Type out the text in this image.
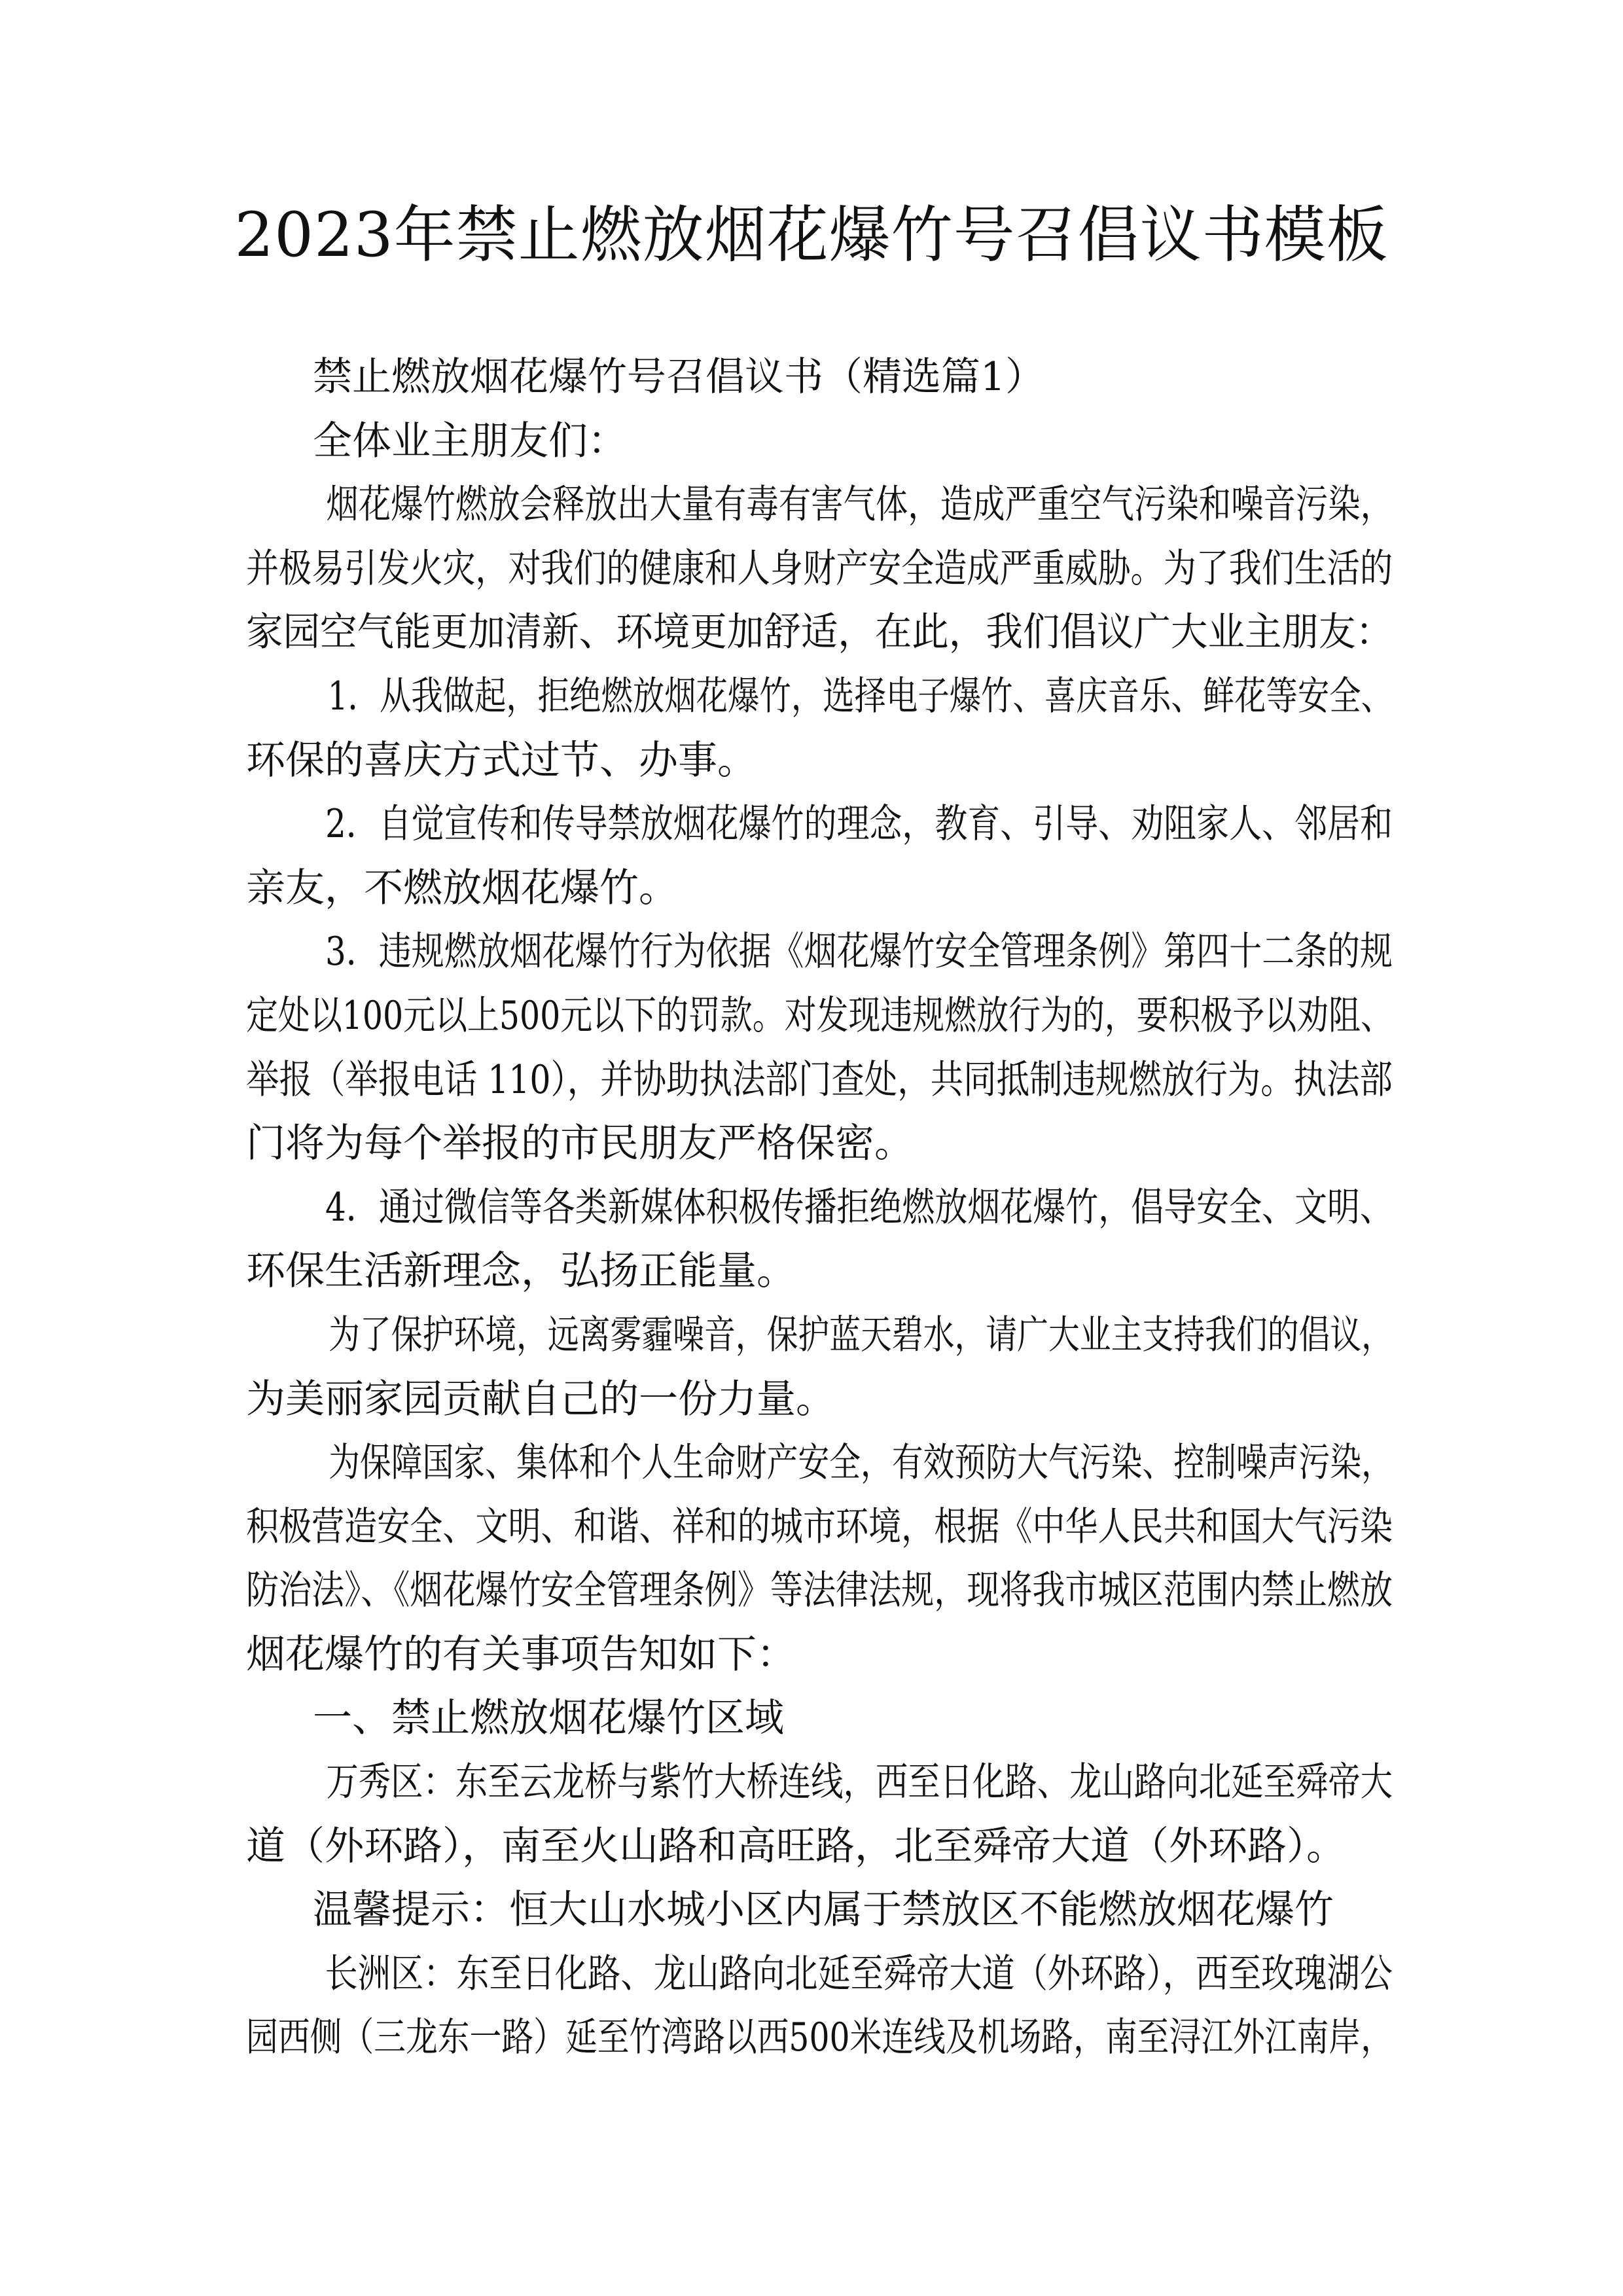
2023年禁止燃放烟花爆竹号召倡议书模板
禁止燃放烟花爆竹号召倡议书（精选篇1）
全体业主朋友们：
烟花爆竹燃放会释放出大量有毒有害气体，造成严重空气污染和噪音污染，
并极易引发火灾，对我们的健康和人身财产安全造成严重威胁。为了我们生活的
家园空气能更加清新、环境更加舒适，在此，我们倡议广大业主朋友：
1．从我做起，拒绝燃放烟花爆竹，选择电子爆竹、喜庆音乐、鲜花等安全、
环保的喜庆方式过节、办事。
2．自觉宣传和传导禁放烟花爆竹的理念，教育、引导、劝阻家人、邻居和
亲友，不燃放烟花爆竹。
3．违规燃放烟花爆竹行为依据《烟花爆竹安全管理条例》第四十二条的规
定处以100元以上500元以下的罚款。对发现违规燃放行为的，要积极予以劝阻、
举报（举报电话 110），并协助执法部门查处，共同抵制违规燃放行为。执法部
门将为每个举报的市民朋友严格保密。
4．通过微信等各类新媒体积极传播拒绝燃放烟花爆竹，倡导安全、文明、
环保生活新理念，弘扬正能量。
为了保护环境，远离雾霾噪音，保护蓝天碧水，请广大业主支持我们的倡议，
为美丽家园贡献自己的一份力量。
为保障国家、集体和个人生命财产安全，有效预防大气污染、控制噪声污染，
积极营造安全、文明、和谐、祥和的城市环境，根据《中华人民共和国大气污染
防治法》、《烟花爆竹安全管理条例》等法律法规，现将我市城区范围内禁止燃放
烟花爆竹的有关事项告知如下：
一、禁止燃放烟花爆竹区域
万秀区：东至云龙桥与紫竹大桥连线，西至日化路、龙山路向北延至舜帝大
道（外环路），南至火山路和高旺路，北至舜帝大道（外环路）。
温馨提示：恒大山水城小区内属于禁放区不能燃放烟花爆竹
长洲区：东至日化路、龙山路向北延至舜帝大道（外环路），西至玫瑰湖公
园西侧（三龙东一路）延至竹湾路以西500米连线及机场路，南至浔江外江南岸，
